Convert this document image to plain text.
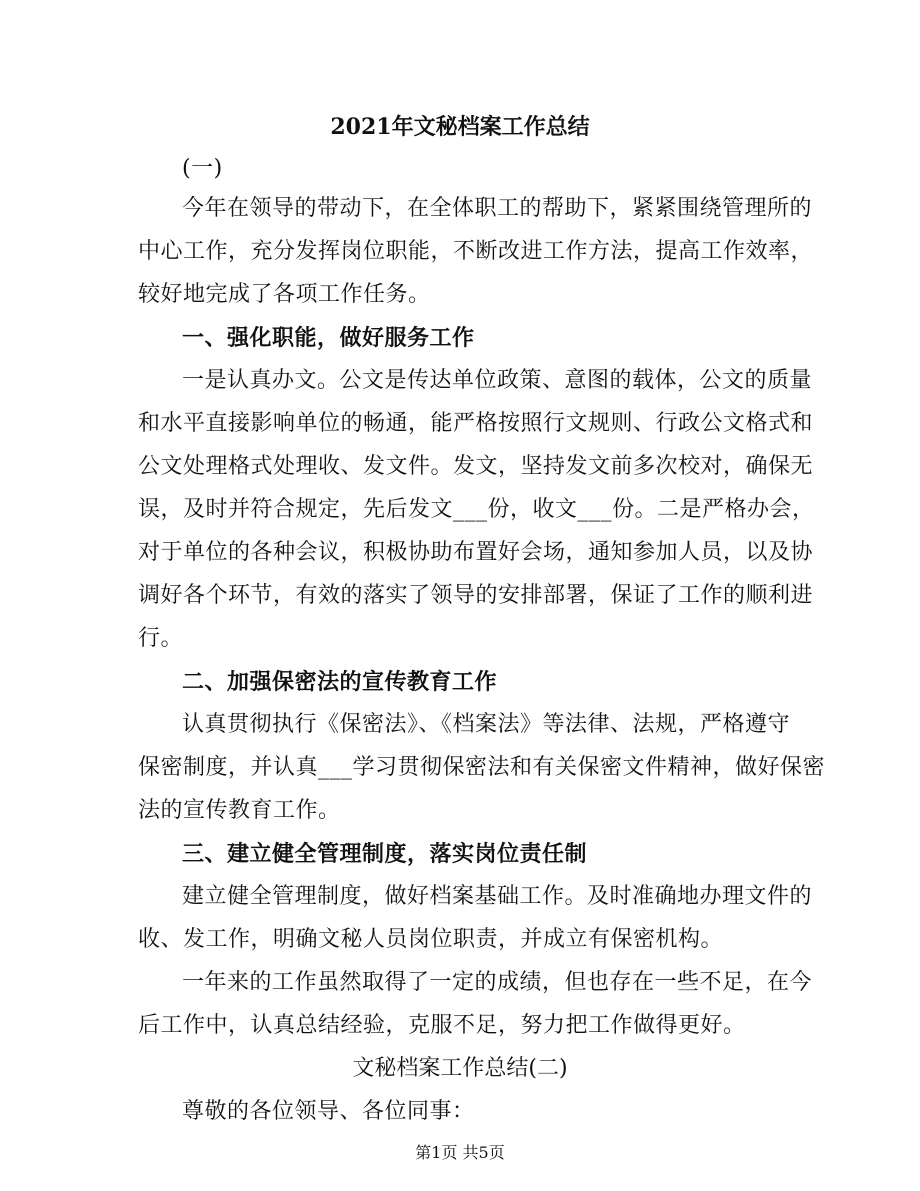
2021年文秘档案工作总结
(一)
今年在领导的带动下，在全体职工的帮助下，紧紧围绕管理所的
中心工作，充分发挥岗位职能，不断改进工作方法，提高工作效率，
较好地完成了各项工作任务。
一、强化职能，做好服务工作
一是认真办文。公文是传达单位政策、意图的载体，公文的质量
和水平直接影响单位的畅通，能严格按照行文规则、行政公文格式和
公文处理格式处理收、发文件。发文，坚持发文前多次校对，确保无
误，及时并符合规定，先后发文___份，收文___份。二是严格办会，
对于单位的各种会议，积极协助布置好会场，通知参加人员，以及协
调好各个环节，有效的落实了领导的安排部署，保证了工作的顺利进
行。
二、加强保密法的宣传教育工作
认真贯彻执行《保密法》、《档案法》等法律、法规，严格遵守
保密制度，并认真___学习贯彻保密法和有关保密文件精神，做好保密
法的宣传教育工作。
三、建立健全管理制度，落实岗位责任制
建立健全管理制度，做好档案基础工作。及时准确地办理文件的
收、发工作，明确文秘人员岗位职责，并成立有保密机构。
一年来的工作虽然取得了一定的成绩，但也存在一些不足，在今
后工作中，认真总结经验，克服不足，努力把工作做得更好。
文秘档案工作总结(二)
尊敬的各位领导、各位同事：
第1页 共5页
